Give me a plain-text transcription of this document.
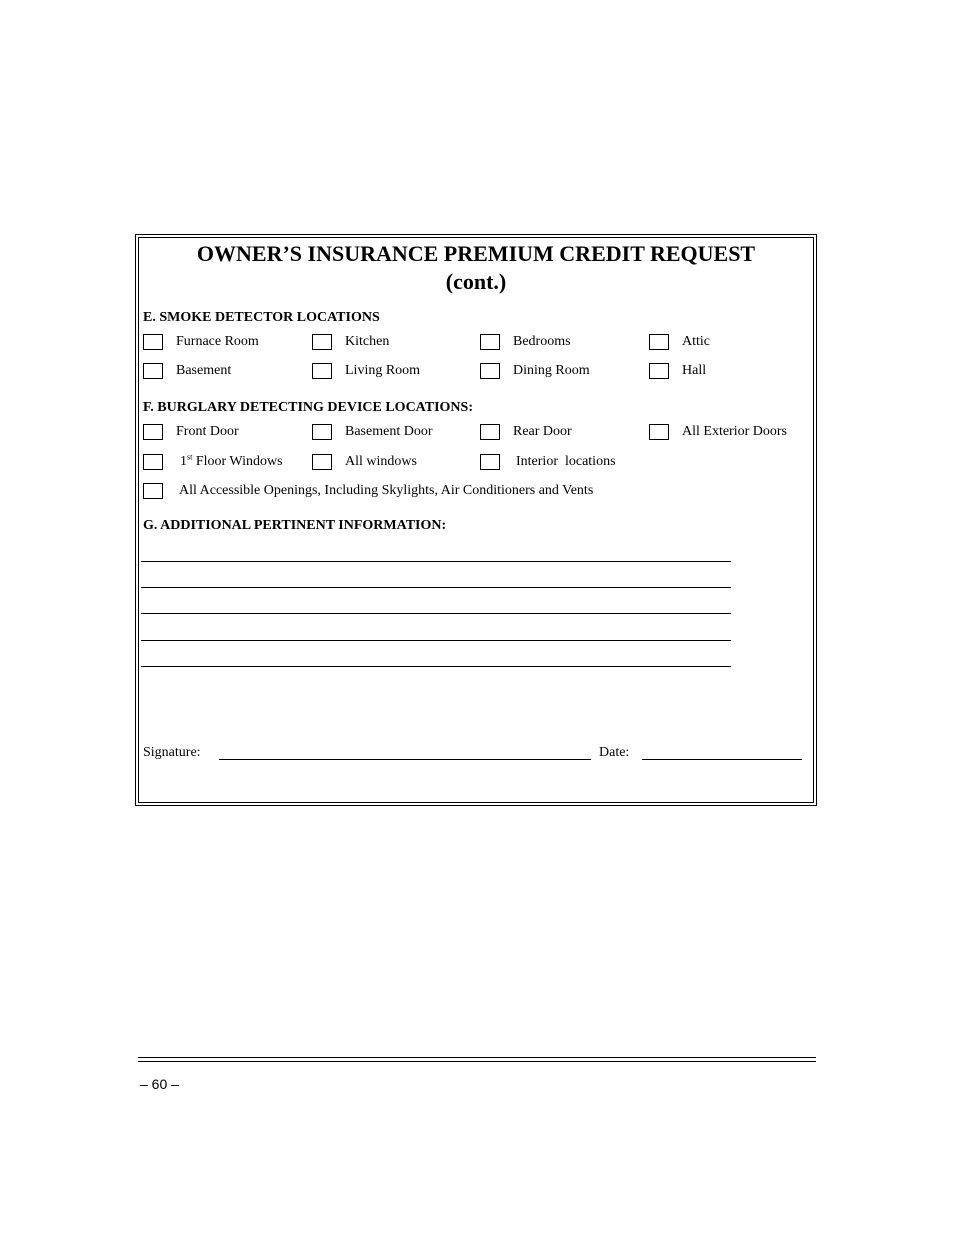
OWNER’S INSURANCE PREMIUM CREDIT REQUEST
(cont.)
E. SMOKE DETECTOR LOCATIONS
Furnace Room	Kitchen	Bedrooms	Attic
Basement	Living Room	Dining Room	Hall
F. BURGLARY DETECTING DEVICE LOCATIONS:
Front Door	Basement Door	Rear Door	All Exterior Doors
1st Floor Windows	All windows	Interior  locations
All Accessible Openings, Including Skylights, Air Conditioners and Vents
G. ADDITIONAL PERTINENT INFORMATION:
Signature:	Date:
– 60 –
